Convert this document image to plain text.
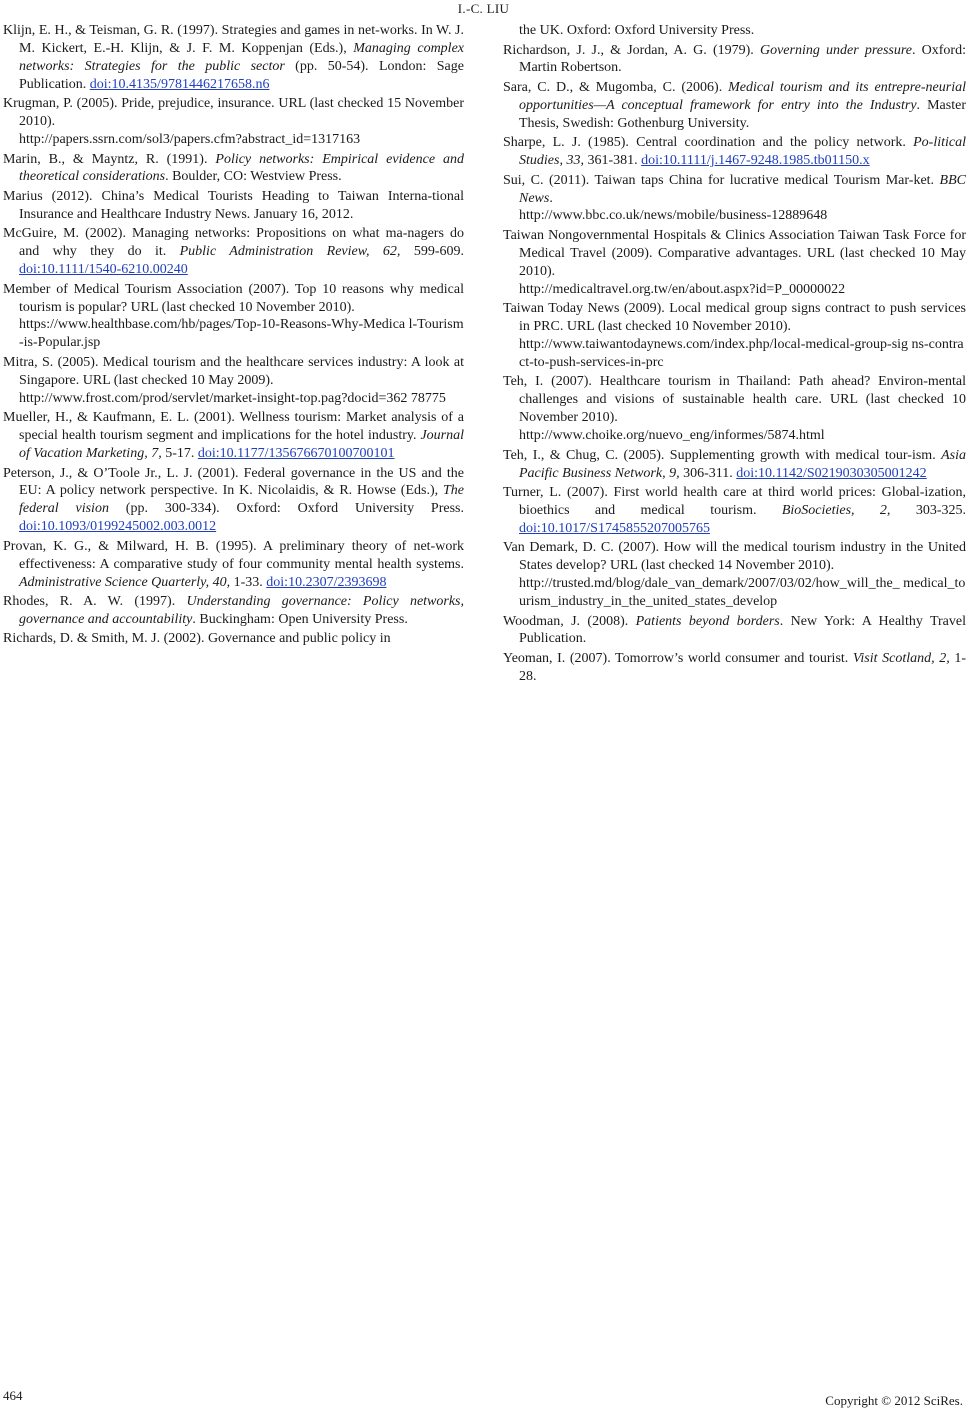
I.-C. LIU

Klijn, E. H., & Teisman, G. R. (1997). Strategies and games in net-works. In W. J. M. Kickert, E.-H. Klijn, & J. F. M. Koppenjan (Eds.), Managing complex networks: Strategies for the public sector (pp. 50-54). London: Sage Publication. doi:10.4135/9781446217658.n6

Krugman, P. (2005). Pride, prejudice, insurance. URL (last checked 15 November 2010).
http://papers.ssrn.com/sol3/papers.cfm?abstract_id=1317163

Marin, B., & Mayntz, R. (1991). Policy networks: Empirical evidence and theoretical considerations. Boulder, CO: Westview Press.

Marius (2012). China’s Medical Tourists Heading to Taiwan Interna-tional Insurance and Healthcare Industry News. January 16, 2012.

McGuire, M. (2002). Managing networks: Propositions on what ma-nagers do and why they do it. Public Administration Review, 62, 599-609. doi:10.1111/1540-6210.00240

Member of Medical Tourism Association (2007). Top 10 reasons why medical tourism is popular? URL (last checked 10 November 2010).
https://www.healthbase.com/hb/pages/Top-10-Reasons-Why-Medica l-Tourism-is-Popular.jsp

Mitra, S. (2005). Medical tourism and the healthcare services industry: A look at Singapore. URL (last checked 10 May 2009).
http://www.frost.com/prod/servlet/market-insight-top.pag?docid=362 78775

Mueller, H., & Kaufmann, E. L. (2001). Wellness tourism: Market analysis of a special health tourism segment and implications for the hotel industry. Journal of Vacation Marketing, 7, 5-17. doi:10.1177/135676670100700101

Peterson, J., & O’Toole Jr., L. J. (2001). Federal governance in the US and the EU: A policy network perspective. In K. Nicolaidis, & R. Howse (Eds.), The federal vision (pp. 300-334). Oxford: Oxford University Press. doi:10.1093/0199245002.003.0012

Provan, K. G., & Milward, H. B. (1995). A preliminary theory of net-work effectiveness: A comparative study of four community mental health systems. Administrative Science Quarterly, 40, 1-33. doi:10.2307/2393698

Rhodes, R. A. W. (1997). Understanding governance: Policy networks, governance and accountability. Buckingham: Open University Press.

Richards, D. & Smith, M. J. (2002). Governance and public policy in

the UK. Oxford: Oxford University Press.

Richardson, J. J., & Jordan, A. G. (1979). Governing under pressure. Oxford: Martin Robertson.

Sara, C. D., & Mugomba, C. (2006). Medical tourism and its entrepre-neurial opportunities—A conceptual framework for entry into the Industry. Master Thesis, Swedish: Gothenburg University.

Sharpe, L. J. (1985). Central coordination and the policy network. Po-litical Studies, 33, 361-381. doi:10.1111/j.1467-9248.1985.tb01150.x

Sui, C. (2011). Taiwan taps China for lucrative medical Tourism Mar-ket. BBC News.
http://www.bbc.co.uk/news/mobile/business-12889648

Taiwan Nongovernmental Hospitals & Clinics Association Taiwan Task Force for Medical Travel (2009). Comparative advantages. URL (last checked 10 May 2010).
http://medicaltravel.org.tw/en/about.aspx?id=P_00000022

Taiwan Today News (2009). Local medical group signs contract to push services in PRC. URL (last checked 10 November 2010).
http://www.taiwantodaynews.com/index.php/local-medical-group-sig ns-contract-to-push-services-in-prc

Teh, I. (2007). Healthcare tourism in Thailand: Path ahead? Environ-mental challenges and visions of sustainable health care. URL (last checked 10 November 2010).
http://www.choike.org/nuevo_eng/informes/5874.html

Teh, I., & Chug, C. (2005). Supplementing growth with medical tour-ism. Asia Pacific Business Network, 9, 306-311. doi:10.1142/S0219030305001242

Turner, L. (2007). First world health care at third world prices: Global-ization, bioethics and medical tourism. BioSocieties, 2, 303-325. doi:10.1017/S1745855207005765

Van Demark, D. C. (2007). How will the medical tourism industry in the United States develop? URL (last checked 14 November 2010).
http://trusted.md/blog/dale_van_demark/2007/03/02/how_will_the_ medical_tourism_industry_in_the_united_states_develop

Woodman, J. (2008). Patients beyond borders. New York: A Healthy Travel Publication.

Yeoman, I. (2007). Tomorrow’s world consumer and tourist. Visit Scotland, 2, 1-28.

464	Copyright © 2012 SciRes.
